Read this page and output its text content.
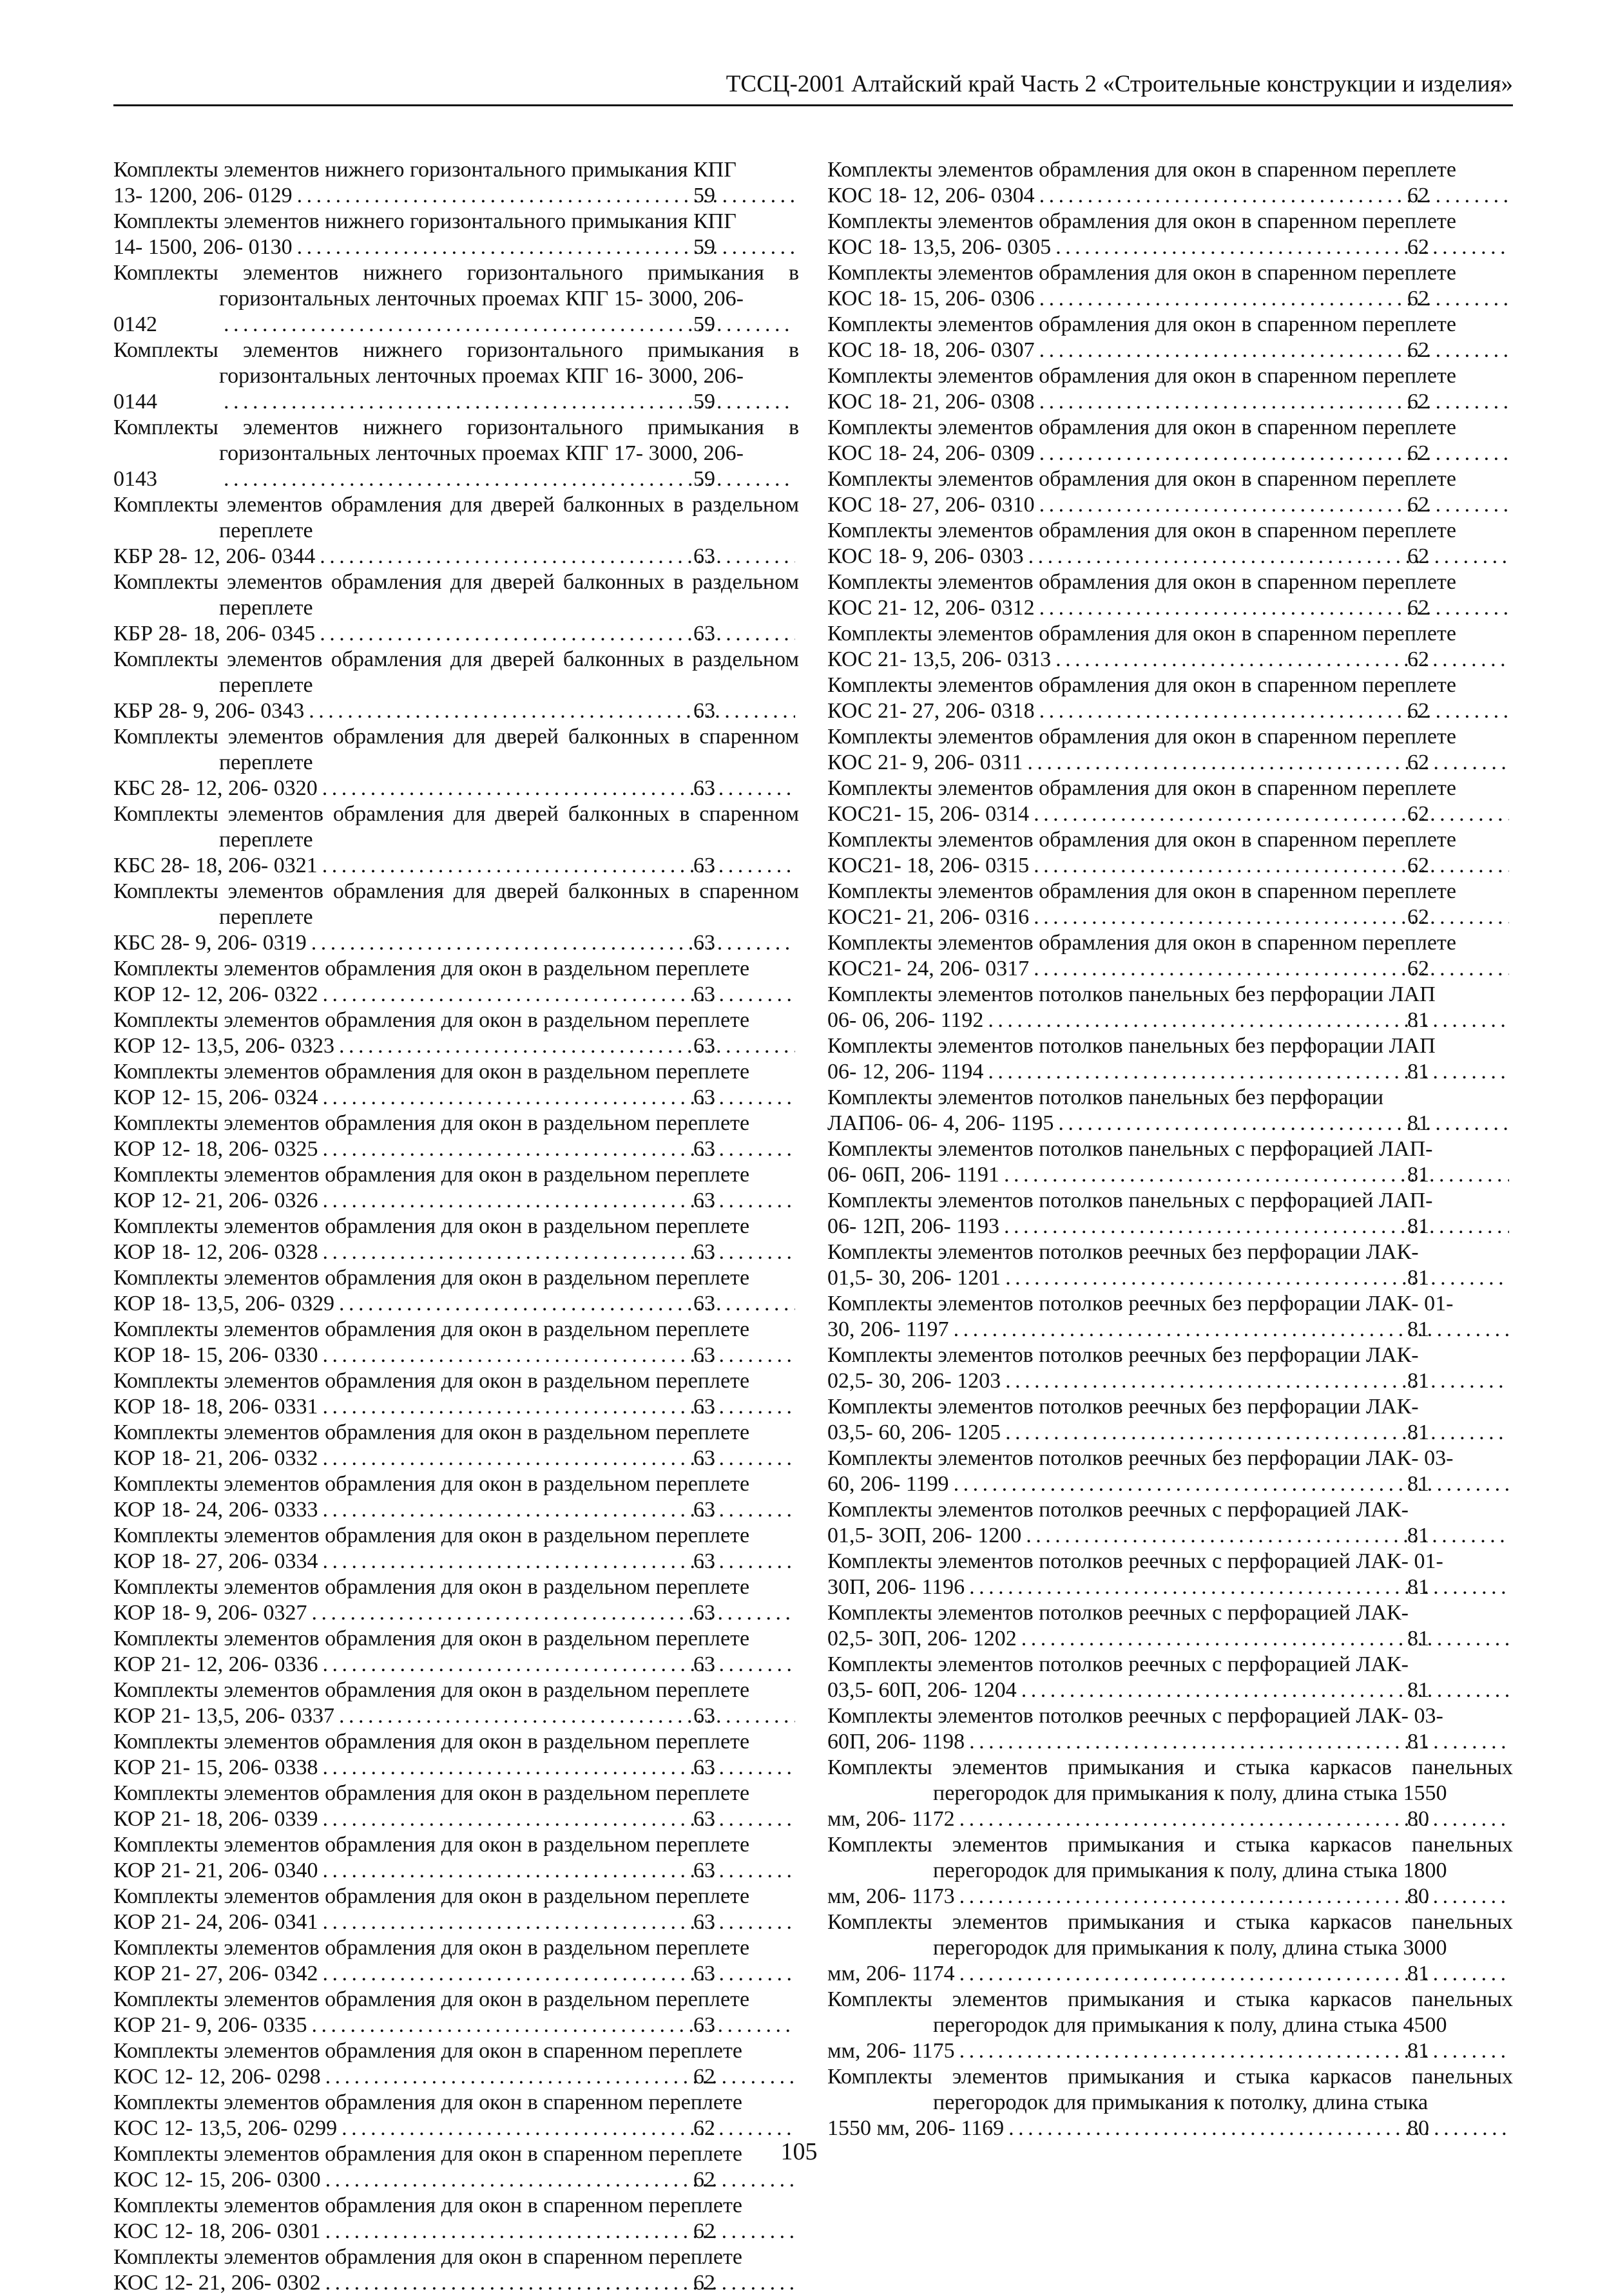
ТССЦ-2001 Алтайский край Часть 2 «Строительные конструкции и изделия»
Комплекты элементов нижнего горизонтального примыкания КПГ
13- 1200, 206- 0129 . . .	59
Комплекты элементов нижнего горизонтального примыкания КПГ
14- 1500, 206- 0130 . . .	59
Комплекты элементов нижнего горизонтального примыкания в горизонтальных ленточных проемах КПГ 15- 3000, 206-
0142 . . .	59
Комплекты элементов нижнего горизонтального примыкания в горизонтальных ленточных проемах КПГ 16- 3000, 206-
0144 . . .	59
Комплекты элементов нижнего горизонтального примыкания в горизонтальных ленточных проемах КПГ 17- 3000, 206-
0143 . . .	59
Комплекты элементов обрамления для дверей балконных в раздельном переплете
КБР 28- 12, 206- 0344 . . .	63
Комплекты элементов обрамления для дверей балконных в раздельном переплете
КБР 28- 18, 206- 0345 . . .	63
Комплекты элементов обрамления для дверей балконных в раздельном переплете
КБР 28- 9, 206- 0343 . . .	63
Комплекты элементов обрамления для дверей балконных в спаренном переплете
КБС 28- 12, 206- 0320 . . .	63
Комплекты элементов обрамления для дверей балконных в спаренном переплете
КБС 28- 18, 206- 0321 . . .	63
Комплекты элементов обрамления для дверей балконных в спаренном переплете
КБС 28- 9, 206- 0319 . . .	63
Комплекты элементов обрамления для окон в раздельном переплете
КОР 12- 12, 206- 0322 . . .	63
Комплекты элементов обрамления для окон в раздельном переплете
КОР 12- 13,5, 206- 0323 . . .	63
Комплекты элементов обрамления для окон в раздельном переплете
КОР 12- 15, 206- 0324 . . .	63
Комплекты элементов обрамления для окон в раздельном переплете
КОР 12- 18, 206- 0325 . . .	63
Комплекты элементов обрамления для окон в раздельном переплете
КОР 12- 21, 206- 0326 . . .	63
Комплекты элементов обрамления для окон в раздельном переплете
КОР 18- 12, 206- 0328 . . .	63
Комплекты элементов обрамления для окон в раздельном переплете
КОР 18- 13,5, 206- 0329 . . .	63
Комплекты элементов обрамления для окон в раздельном переплете
КОР 18- 15, 206- 0330 . . .	63
Комплекты элементов обрамления для окон в раздельном переплете
КОР 18- 18, 206- 0331 . . .	63
Комплекты элементов обрамления для окон в раздельном переплете
КОР 18- 21, 206- 0332 . . .	63
Комплекты элементов обрамления для окон в раздельном переплете
КОР 18- 24, 206- 0333 . . .	63
Комплекты элементов обрамления для окон в раздельном переплете
КОР 18- 27, 206- 0334 . . .	63
Комплекты элементов обрамления для окон в раздельном переплете
КОР 18- 9, 206- 0327 . . .	63
Комплекты элементов обрамления для окон в раздельном переплете
КОР 21- 12, 206- 0336 . . .	63
Комплекты элементов обрамления для окон в раздельном переплете
КОР 21- 13,5, 206- 0337 . . .	63
Комплекты элементов обрамления для окон в раздельном переплете
КОР 21- 15, 206- 0338 . . .	63
Комплекты элементов обрамления для окон в раздельном переплете
КОР 21- 18, 206- 0339 . . .	63
Комплекты элементов обрамления для окон в раздельном переплете
КОР 21- 21, 206- 0340 . . .	63
Комплекты элементов обрамления для окон в раздельном переплете
КОР 21- 24, 206- 0341 . . .	63
Комплекты элементов обрамления для окон в раздельном переплете
КОР 21- 27, 206- 0342 . . .	63
Комплекты элементов обрамления для окон в раздельном переплете
КОР 21- 9, 206- 0335 . . .	63
Комплекты элементов обрамления для окон в спаренном переплете
КОС 12- 12, 206- 0298 . . .	62
Комплекты элементов обрамления для окон в спаренном переплете
КОС 12- 13,5, 206- 0299 . . .	62
Комплекты элементов обрамления для окон в спаренном переплете
КОС 12- 15, 206- 0300 . . .	62
Комплекты элементов обрамления для окон в спаренном переплете
КОС 12- 18, 206- 0301 . . .	62
Комплекты элементов обрамления для окон в спаренном переплете
КОС 12- 21, 206- 0302 . . .	62
Комплекты элементов обрамления для окон в спаренном переплете
КОС 18- 12, 206- 0304 . . .	62
Комплекты элементов обрамления для окон в спаренном переплете
КОС 18- 13,5, 206- 0305 . . .	62
Комплекты элементов обрамления для окон в спаренном переплете
КОС 18- 15, 206- 0306 . . .	62
Комплекты элементов обрамления для окон в спаренном переплете
КОС 18- 18, 206- 0307 . . .	62
Комплекты элементов обрамления для окон в спаренном переплете
КОС 18- 21, 206- 0308 . . .	62
Комплекты элементов обрамления для окон в спаренном переплете
КОС 18- 24, 206- 0309 . . .	62
Комплекты элементов обрамления для окон в спаренном переплете
КОС 18- 27, 206- 0310 . . .	62
Комплекты элементов обрамления для окон в спаренном переплете
КОС 18- 9, 206- 0303 . . .	62
Комплекты элементов обрамления для окон в спаренном переплете
КОС 21- 12, 206- 0312 . . .	62
Комплекты элементов обрамления для окон в спаренном переплете
КОС 21- 13,5, 206- 0313 . . .	62
Комплекты элементов обрамления для окон в спаренном переплете
КОС 21- 27, 206- 0318 . . .	62
Комплекты элементов обрамления для окон в спаренном переплете
КОС 21- 9, 206- 0311 . . .	62
Комплекты элементов обрамления для окон в спаренном переплете
КОС21- 15, 206- 0314 . . .	62
Комплекты элементов обрамления для окон в спаренном переплете
КОС21- 18, 206- 0315 . . .	62
Комплекты элементов обрамления для окон в спаренном переплете
КОС21- 21, 206- 0316 . . .	62
Комплекты элементов обрамления для окон в спаренном переплете
КОС21- 24, 206- 0317 . . .	62
Комплекты элементов потолков панельных без перфорации ЛАП
06- 06, 206- 1192 . . .	81
Комплекты элементов потолков панельных без перфорации ЛАП
06- 12, 206- 1194 . . .	81
Комплекты элементов потолков панельных без перфорации
ЛАП06- 06- 4, 206- 1195 . . .	81
Комплекты элементов потолков панельных с перфорацией ЛАП-
06- 06П, 206- 1191 . . .	81
Комплекты элементов потолков панельных с перфорацией ЛАП-
06- 12П, 206- 1193 . . .	81
Комплекты элементов потолков реечных без перфорации ЛАК-
01,5- 30, 206- 1201 . . .	81
Комплекты элементов потолков реечных без перфорации ЛАК- 01-
30, 206- 1197 . . .	81
Комплекты элементов потолков реечных без перфорации ЛАК-
02,5- 30, 206- 1203 . . .	81
Комплекты элементов потолков реечных без перфорации ЛАК-
03,5- 60, 206- 1205 . . .	81
Комплекты элементов потолков реечных без перфорации ЛАК- 03-
60, 206- 1199 . . .	81
Комплекты элементов потолков реечных с перфорацией ЛАК-
01,5- 3ОП, 206- 1200 . . .	81
Комплекты элементов потолков реечных с перфорацией ЛАК- 01-
30П, 206- 1196 . . .	81
Комплекты элементов потолков реечных с перфорацией ЛАК-
02,5- 30П, 206- 1202 . . .	81
Комплекты элементов потолков реечных с перфорацией ЛАК-
03,5- 60П, 206- 1204 . . .	81
Комплекты элементов потолков реечных с перфорацией ЛАК- 03-
60П, 206- 1198 . . .	81
Комплекты элементов примыкания и стыка каркасов панельных перегородок для примыкания к полу, длина стыка 1550
мм, 206- 1172 . . .	80
Комплекты элементов примыкания и стыка каркасов панельных перегородок для примыкания к полу, длина стыка 1800
мм, 206- 1173 . . .	80
Комплекты элементов примыкания и стыка каркасов панельных перегородок для примыкания к полу, длина стыка 3000
мм, 206- 1174 . . .	81
Комплекты элементов примыкания и стыка каркасов панельных перегородок для примыкания к полу, длина стыка 4500
мм, 206- 1175 . . .	81
Комплекты элементов примыкания и стыка каркасов панельных перегородок для примыкания к потолку, длина стыка
1550 мм, 206- 1169 . . .	80
105
